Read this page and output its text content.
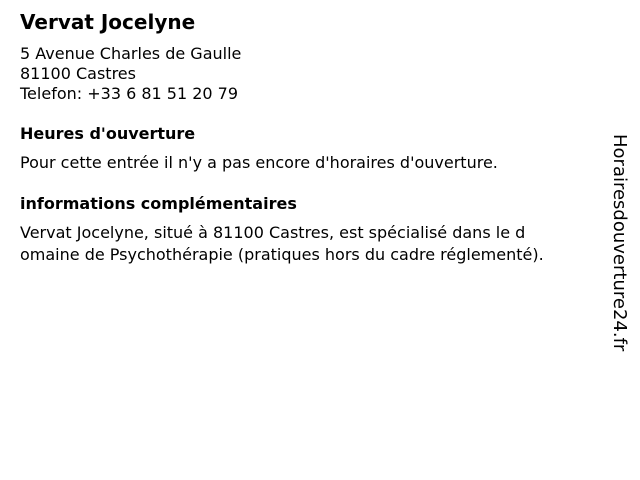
Vervat Jocelyne
5 Avenue Charles de Gaulle
81100 Castres
Telefon: +33 6 81 51 20 79
Heures d'ouverture
Pour cette entrée il n'y a pas encore d'horaires d'ouverture.
informations complémentaires
Vervat Jocelyne, situé à 81100 Castres, est spécialisé dans le d
omaine de Psychothérapie (pratiques hors du cadre réglementé).	Horairesdouverture24.fr
